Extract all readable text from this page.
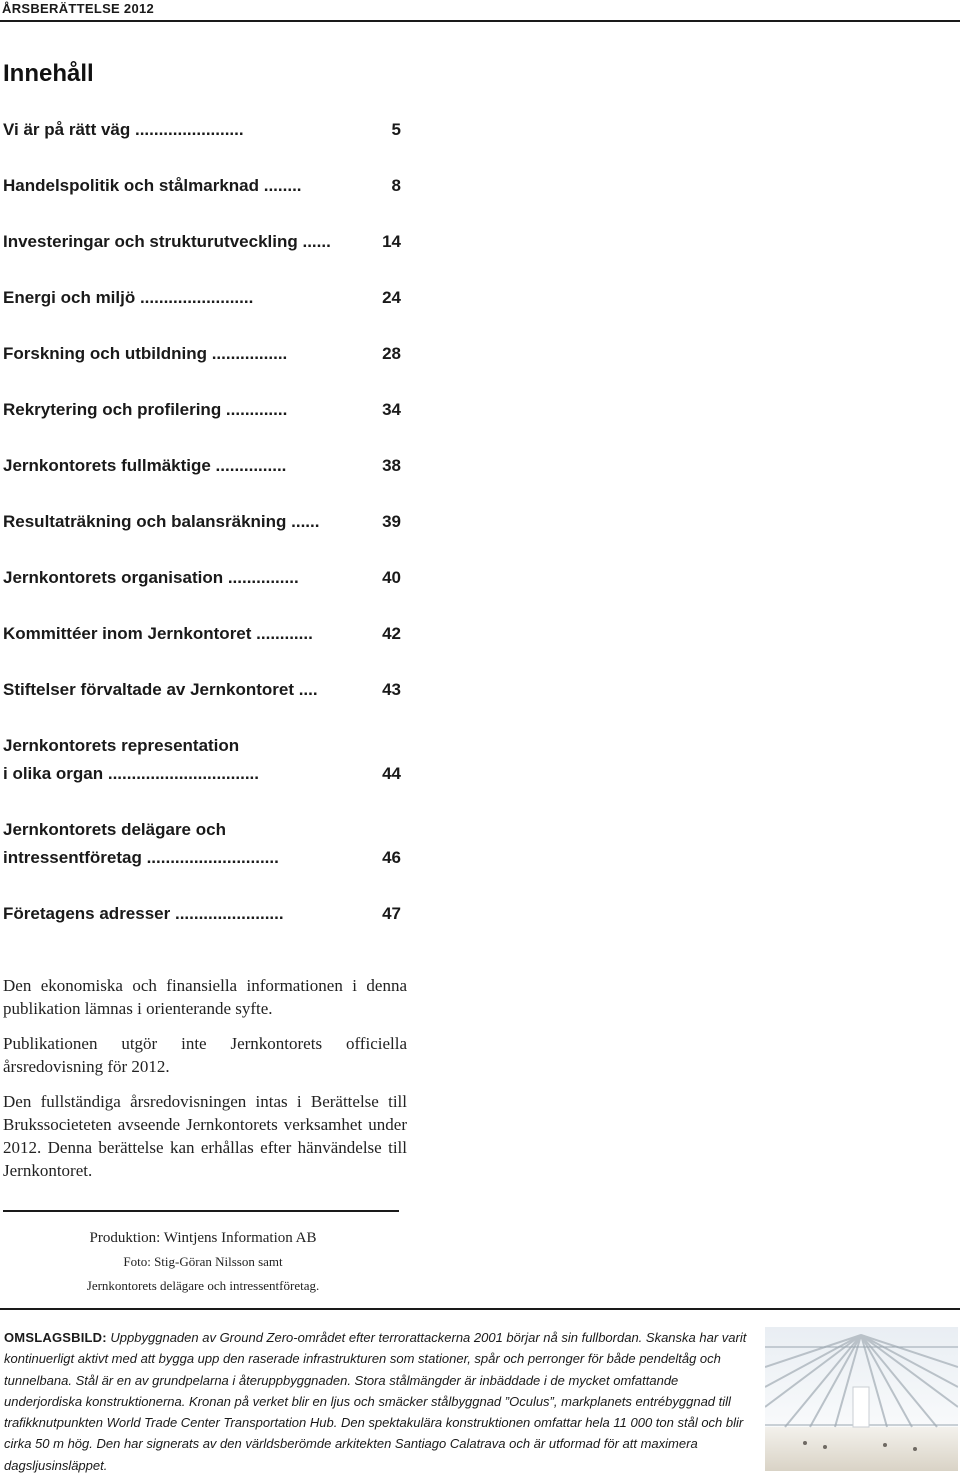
ÅRSBERÄTTELSE 2012
Innehåll
Vi är på rätt väg .......................	5
Handelspolitik och stålmarknad ........	8
Investeringar och strukturutveckling ......	14
Energi och miljö ........................	24
Forskning och utbildning ................	28
Rekrytering och profilering .............	34
Jernkontorets fullmäktige ...............	38
Resultaträkning och balansräkning ......	39
Jernkontorets organisation ...............	40
Kommittéer inom Jernkontoret ............	42
Stiftelser förvaltade av Jernkontoret ....	43
Jernkontorets representation
i olika organ ................................	44
Jernkontorets delägare och
intressentföretag ............................	46
Företagens adresser .......................	47

Den ekonomiska och finansiella informationen i denna publikation lämnas i orienterande syfte.

Publikationen utgör inte Jernkontorets officiella årsredovisning för 2012.

Den fullständiga årsredovisningen intas i Berättelse till Brukssocieteten avseende Jernkontorets verksamhet under 2012. Denna berättelse kan erhållas efter hänvändelse till Jernkontoret.

Produktion: Wintjens Information AB
Foto: Stig-Göran Nilsson samt
Jernkontorets delägare och intressentföretag.
OMSLAGSBILD: Uppbyggnaden av Ground Zero-området efter terrorattackerna 2001 börjar nå sin fullbordan. Skanska har varit kontinuerligt aktivt med att bygga upp den raserade infrastrukturen som stationer, spår och perronger för både pendeltåg och tunnelbana. Stål är en av grundpelarna i återuppbyggnaden. Stora stålmängder är inbäddade i de mycket omfattande underjordiska konstruktionerna. Kronan på verket blir en ljus och smäcker stålbyggnad ”Oculus”, markplanets entrébyggnad till trafikknutpunkten World Trade Center Transportation Hub. Den spektakulära konstruktionen omfattar hela 11 000 ton stål och blir cirka 50 m hög. Den har signerats av den världsberömde arkitekten Santiago Calatrava och är utformad för att maximera dagsljusinsläppet.
